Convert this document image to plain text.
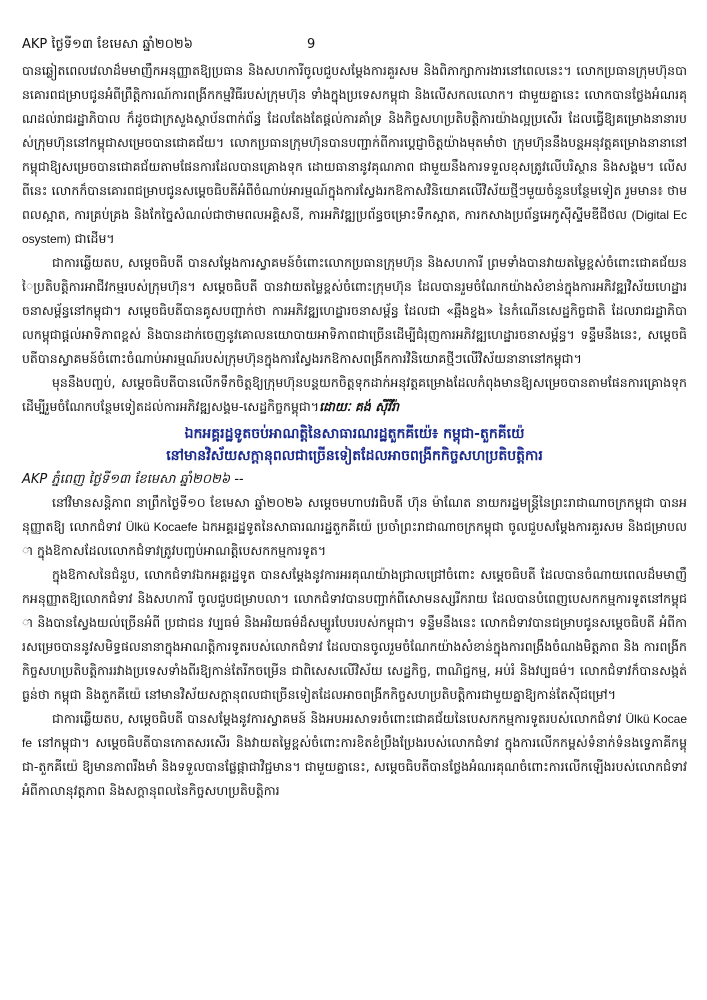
AKP ថ្ងៃទី១៣ ខែមេសា ឆ្នាំ២០២៦	9

បានឆ្លៀតពេលវេលាដ៏មមាញឹកអនុញ្ញាតឱ្យប្រធាន និងសហការីចូលជួបសម្ដែងការគួរសម និងពិភាក្សាការងារនៅពេលនេះ។ លោកប្រធានក្រុមហ៊ុនបានគោរពជម្រាបជូនអំពីព្រឹត្តិការណ៍ការពង្រីកកម្មវិធីរបស់ក្រុមហ៊ុន ទាំងក្នុងប្រទេសកម្ពុជា និងលើសកលលោក។ ជាមួយគ្នានេះ លោកបានថ្លែងអំណរគុណដល់រាជរដ្ឋាភិបាល ក៏ដូចជាក្រសួងស្ថាប័នពាក់ព័ន្ធ ដែលតែងតែផ្ដល់ការគាំទ្រ និងកិច្ចសហប្រតិបត្តិការយ៉ាងល្អប្រសើរ ដែលធ្វើឱ្យគម្រោងនានារបស់ក្រុមហ៊ុននៅកម្ពុជាសម្រេចបានជោគជ័យ។ លោកប្រធានក្រុមហ៊ុនបានបញ្ជាក់ពីការប្ដេជ្ញាចិត្តយ៉ាងមុតមាំថា ក្រុមហ៊ុននឹងបន្តអនុវត្តគម្រោងនានានៅកម្ពុជាឱ្យសម្រេចបានជោគជ័យតាមផែនការដែលបានគ្រោងទុក ដោយធានានូវគុណភាព ជាមួយនឹងការទទួលខុសត្រូវលើបរិស្ថាន និងសង្គម។ លើសពីនេះ លោកក៏បានគោរពជម្រាបជូនសម្ដេចធិបតីអំពីចំណាប់អារម្មណ៍ក្នុងការស្វែងរកឱកាសវិនិយោគលើវិស័យថ្មីៗមួយចំនួនបន្ថែមទៀត រួមមាន៖ ថាមពលស្អាត, ការគ្រប់គ្រង និងកែច្នៃសំណល់ជាថាមពលអគ្គិសនី, ការអភិវឌ្ឍប្រព័ន្ធចម្រោះទឹកស្អាត, ការកសាងប្រព័ន្ធអេកូស៊ីស្ទីមឌីជីថល (Digital Ecosystem) ជាដើម។

ជាការឆ្លើយតប, សម្ដេចធិបតី បានសម្ដែងការស្វាគមន៍ចំពោះលោកប្រធានក្រុមហ៊ុន និងសហការី ព្រមទាំងបានវាយតម្លៃខ្ពស់ចំពោះជោគជ័យនៃប្រតិបត្តិការអាជីវកម្មរបស់ក្រុមហ៊ុន។ សម្ដេចធិបតី បានវាយតម្លៃខ្ពស់ចំពោះក្រុមហ៊ុន ដែលបានរួមចំណែកយ៉ាងសំខាន់ក្នុងការអភិវឌ្ឍវិស័យហេដ្ឋារចនាសម្ព័ន្ធនៅកម្ពុជា។ សម្ដេចធិបតីបានគូសបញ្ជាក់ថា ការអភិវឌ្ឍហេដ្ឋារចនាសម្ព័ន្ធ ដែលជា «ឆ្អឹងខ្នង» នៃកំណើនសេដ្ឋកិច្ចជាតិ ដែលរាជរដ្ឋាភិបាលកម្ពុជាផ្ដល់អាទិភាពខ្ពស់ និងបានដាក់ចេញនូវគោលនយោបាយអាទិភាពជាច្រើនដើម្បីជំរុញការអភិវឌ្ឍហេដ្ឋារចនាសម្ព័ន្ធ។ ទន្ទឹមនឹងនេះ, សម្ដេចធិបតីបានស្វាគមន៍ចំពោះចំណាប់អារម្មណ៍របស់ក្រុមហ៊ុនក្នុងការស្វែងរកឱកាសពង្រីកការវិនិយោគថ្មីៗលើវិស័យនានានៅកម្ពុជា។

មុននឹងបញ្ចប់, សម្ដេចធិបតីបានលើកទឹកចិត្តឱ្យក្រុមហ៊ុនបន្តយកចិត្តទុកដាក់អនុវត្តគម្រោងដែលកំពុងមានឱ្យសម្រេចបានតាមផែនការគ្រោងទុក ដើម្បីរួមចំណែកបន្ថែមទៀតដល់ការអភិវឌ្ឍសង្គម-សេដ្ឋកិច្ចកម្ពុជា។ដោយៈ គង់ ស៊ីវីរ៉ា

ឯកអគ្គរដ្ឋទូតចប់អាណត្តិនៃសាធារណរដ្ឋតួកគីយ៉េ៖ កម្ពុជា-តួកគីយ៉េ
នៅមានវិស័យសក្ដានុពលជាច្រើនទៀតដែលអាចពង្រីកកិច្ចសហប្រតិបត្តិការ

AKP ភ្នំពេញ ថ្ងៃទី១៣ ខែមេសា ឆ្នាំ២០២៦ --

នៅវិមានសន្តិភាព នាព្រឹកថ្ងៃទី១០ ខែមេសា ឆ្នាំ២០២៦ សម្ដេចមហាបវរធិបតី ហ៊ុន ម៉ាណែត នាយករដ្ឋមន្ត្រីនៃព្រះរាជាណាចក្រកម្ពុជា បានអនុញ្ញាតឱ្យ លោកជំទាវ Ülkü Kocaefe ឯកអគ្គរដ្ឋទូតនៃសាធារណរដ្ឋតួកគីយ៉េ ប្រចាំព្រះរាជាណាចក្រកម្ពុជា ចូលជួបសម្ដែងការគួរសម និងជម្រាបលា ក្នុងឱកាសដែលលោកជំទាវត្រូវបញ្ចប់អាណត្តិបេសកកម្មការទូត។

ក្នុងឱកាសនៃជំនួប, លោកជំទាវឯកអគ្គរដ្ឋទូត បានសម្ដែងនូវការអរគុណយ៉ាងជ្រាលជ្រៅចំពោះ សម្ដេចធិបតី ដែលបានចំណាយពេលដ៏មមាញឹកអនុញ្ញាតឱ្យលោកជំទាវ និងសហការី ចូលជួបជម្រាបលា។ លោកជំទាវបានបញ្ជាក់ពីសោមនស្សរីករាយ ដែលបានបំពេញបេសកកម្មការទូតនៅកម្ពុជា និងបានស្វែងយល់ច្រើនអំពី ប្រជាជន វប្បធម៌ និងអរិយធម៌ដ៏សម្បូរបែបរបស់កម្ពុជា។ ទន្ទឹមនឹងនេះ លោកជំទាវបានជម្រាបជូនសម្ដេចធិបតី អំពីការសម្រេចបាននូវសមិទ្ធផលនានាក្នុងអាណត្តិការទូតរបស់លោកជំទាវ ដែលបានចូលរួមចំណែកយ៉ាងសំខាន់ក្នុងការពង្រឹងចំណងមិត្តភាព និង ការពង្រីកកិច្ចសហប្រតិបត្តិការរវាងប្រទេសទាំងពីរឱ្យកាន់តែរីកចម្រើន ជាពិសេសលើវិស័យ សេដ្ឋកិច្ច, ពាណិជ្ជកម្ម, អប់រំ និងវប្បធម៌។ លោកជំទាវក៏បានសង្កត់ធ្ងន់ថា កម្ពុជា និងតួកគីយ៉េ នៅមានវិស័យសក្ដានុពលជាច្រើនទៀតដែលអាចពង្រីកកិច្ចសហប្រតិបត្តិការជាមួយគ្នាឱ្យកាន់តែស៊ីជម្រៅ។

ជាការឆ្លើយតប, សម្ដេចធិបតី បានសម្ដែងនូវការស្វាគមន៍ និងអបអរសាទរចំពោះជោគជ័យនៃបេសកកម្មការទូតរបស់លោកជំទាវ Ülkü Kocaefe នៅកម្ពុជា។ សម្ដេចធិបតីបានកោតសរសើរ និងវាយតម្លៃខ្ពស់ចំពោះការខិតខំប្រឹងប្រែងរបស់លោកជំទាវ ក្នុងការលើកកម្ពស់ទំនាក់ទំនងទ្វេភាគីកម្ពុជា-តួកគីយ៉េ ឱ្យមានភាពរឹងមាំ និងទទួលបានផ្លែផ្កាជាវិជ្ជមាន។ ជាមួយគ្នានេះ, សម្ដេចធិបតីបានថ្លែងអំណរគុណចំពោះការលើកឡើងរបស់លោកជំទាវ អំពីកាលានុវត្តភាព និងសក្ដានុពលនៃកិច្ចសហប្រតិបត្តិការ
